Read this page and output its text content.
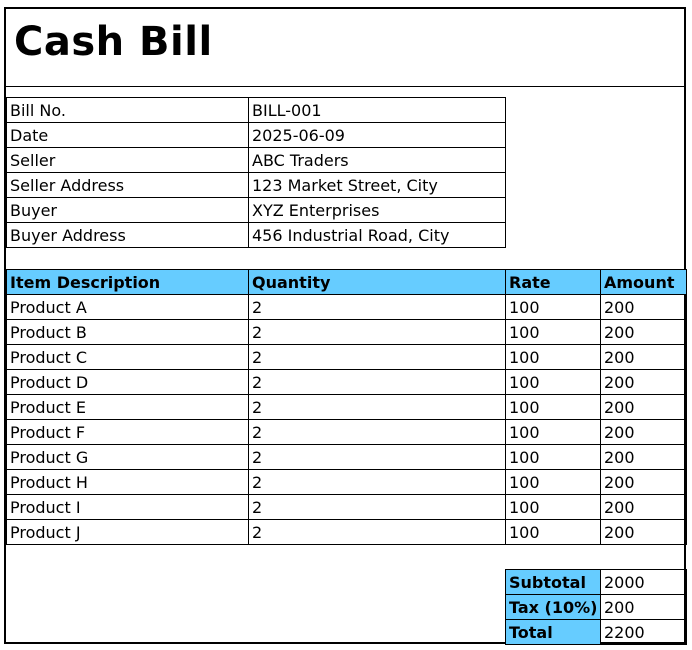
Cash Bill
Bill No.	BILL-001
Date	2025-06-09
Seller	ABC Traders
Seller Address	123 Market Street, City
Buyer	XYZ Enterprises
Buyer Address	456 Industrial Road, City
Item Description	Quantity	Rate	Amount
Product A	2	100	200
Product B	2	100	200
Product C	2	100	200
Product D	2	100	200
Product E	2	100	200
Product F	2	100	200
Product G	2	100	200
Product H	2	100	200
Product I	2	100	200
Product J	2	100	200
Subtotal	2000
Tax (10%)	200
Total	2200
